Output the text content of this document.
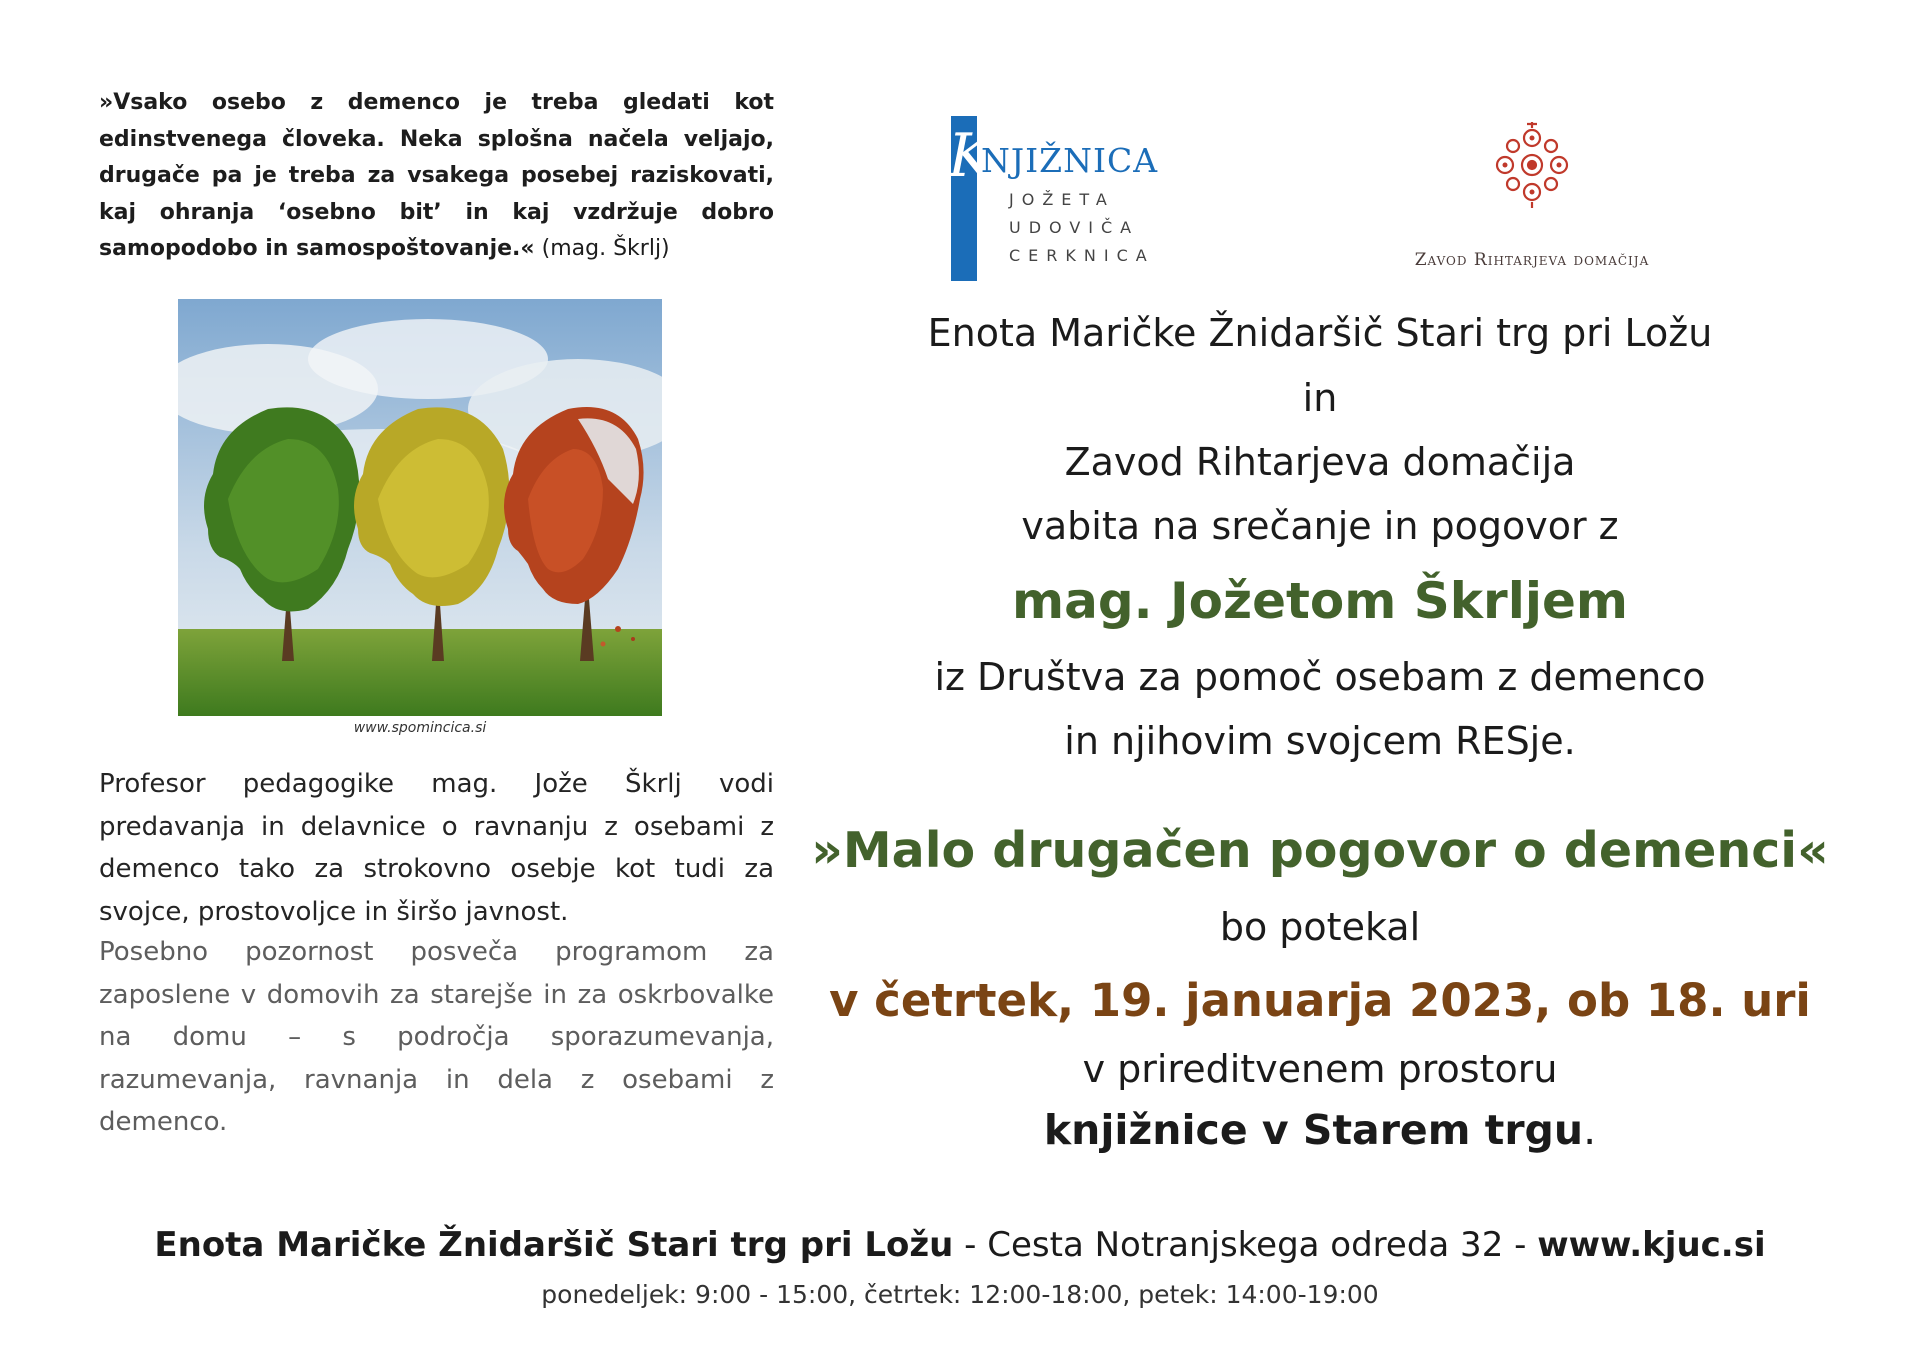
»Vsako osebo z demenco je treba gledati kot edinstvenega človeka. Neka splošna načela veljajo, drugače pa je treba za vsakega posebej raziskovati, kaj ohranja ‘osebno bit’ in kaj vzdržuje dobro samopodobo in samospoštovanje.« (mag. Škrlj)
www.spomincica.si
Profesor pedagogike mag. Jože Škrlj vodi predavanja in delavnice o ravnanju z osebami z demenco tako za strokovno osebje kot tudi za svojce, prostovoljce in širšo javnost.
Posebno pozornost posveča programom za zaposlene v domovih za starejše in za oskrbovalke na domu – s področja sporazumevanja, razumevanja, ravnanja in dela z osebami z demenco.
K
NJIŽNICA
JOŽETA
UDOVIČA
CERKNICA	Zavod Rihtarjeva domačija
Enota Maričke Žnidaršič Stari trg pri Ložu
in
Zavod Rihtarjeva domačija
vabita na srečanje in pogovor z
mag. Jožetom Škrljem
iz Društva za pomoč osebam z demenco
in njihovim svojcem RESje.
»Malo drugačen pogovor o demenci«
bo potekal
v četrtek, 19. januarja 2023, ob 18. uri
v prireditvenem prostoru
knjižnice v Starem trgu.
Enota Maričke Žnidaršič Stari trg pri Ložu - Cesta Notranjskega odreda 32 - www.kjuc.si
ponedeljek: 9:00 - 15:00, četrtek: 12:00-18:00, petek: 14:00-19:00
